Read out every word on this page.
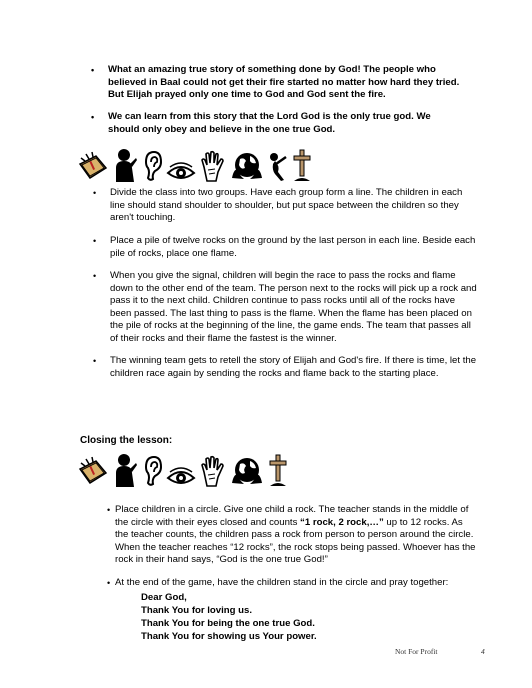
• What an amazing true story of something done by God! The people who believed in Baal could not get their fire started no matter how hard they tried. But Elijah prayed only one time to God and God sent the fire.
• We can learn from this story that the Lord God is the only true god. We should only obey and believe in the one true God.
• Divide the class into two groups. Have each group form a line. The children in each line should stand shoulder to shoulder, but put space between the children so they aren't touching.
• Place a pile of twelve rocks on the ground by the last person in each line. Beside each pile of rocks, place one flame.
• When you give the signal, children will begin the race to pass the rocks and flame down to the other end of the team. The person next to the rocks will pick up a rock and pass it to the next child. Children continue to pass rocks until all of the rocks have been passed. The last thing to pass is the flame. When the flame has been placed on the pile of rocks at the beginning of the line, the game ends. The team that passes all of their rocks and their flame the fastest is the winner.
• The winning team gets to retell the story of Elijah and God's fire. If there is time, let the children race again by sending the rocks and flame back to the starting place.
Closing the lesson:
• Place children in a circle. Give one child a rock. The teacher stands in the middle of the circle with their eyes closed and counts “1 rock, 2 rock,…” up to 12 rocks. As the teacher counts, the children pass a rock from person to person around the circle. When the teacher reaches “12 rocks”, the rock stops being passed. Whoever has the rock in their hand says, “God is the one true God!”
• At the end of the game, have the children stand in the circle and pray together:
Dear God,
Thank You for loving us.
Thank You for being the one true God.
Thank You for showing us Your power.
Not For Profit	4
